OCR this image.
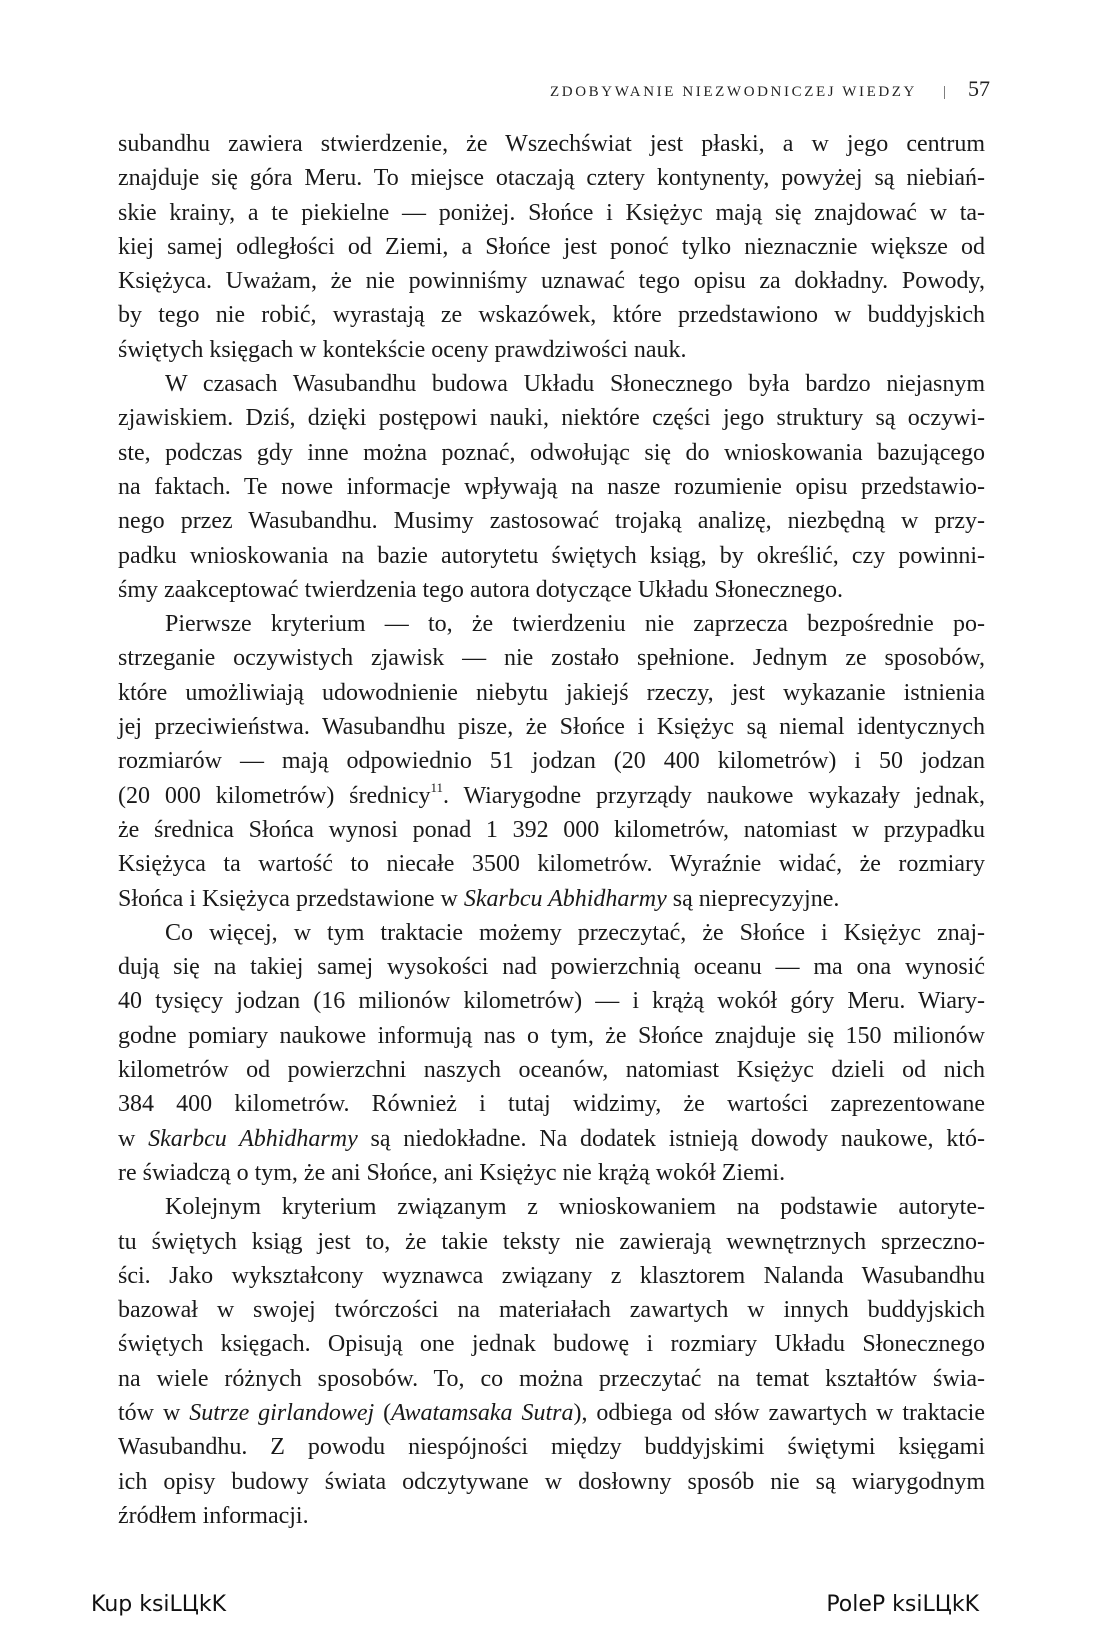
ZDOBYWANIE NIEZWODNICZEJ WIEDZY | 57
subandhu zawiera stwierdzenie, że Wszechświat jest płaski, a w jego centrum
znajduje się góra Meru. To miejsce otaczają cztery kontynenty, powyżej są niebiań-
skie krainy, a te piekielne — poniżej. Słońce i Księżyc mają się znajdować w ta-
kiej samej odległości od Ziemi, a Słońce jest ponoć tylko nieznacznie większe od
Księżyca. Uważam, że nie powinniśmy uznawać tego opisu za dokładny. Powody,
by tego nie robić, wyrastają ze wskazówek, które przedstawiono w buddyjskich
świętych księgach w kontekście oceny prawdziwości nauk.
W czasach Wasubandhu budowa Układu Słonecznego była bardzo niejasnym
zjawiskiem. Dziś, dzięki postępowi nauki, niektóre części jego struktury są oczywi-
ste, podczas gdy inne można poznać, odwołując się do wnioskowania bazującego
na faktach. Te nowe informacje wpływają na nasze rozumienie opisu przedstawio-
nego przez Wasubandhu. Musimy zastosować trojaką analizę, niezbędną w przy-
padku wnioskowania na bazie autorytetu świętych ksiąg, by określić, czy powinni-
śmy zaakceptować twierdzenia tego autora dotyczące Układu Słonecznego.
Pierwsze kryterium — to, że twierdzeniu nie zaprzecza bezpośrednie po-
strzeganie oczywistych zjawisk — nie zostało spełnione. Jednym ze sposobów,
które umożliwiają udowodnienie niebytu jakiejś rzeczy, jest wykazanie istnienia
jej przeciwieństwa. Wasubandhu pisze, że Słońce i Księżyc są niemal identycznych
rozmiarów — mają odpowiednio 51 jodzan (20 400 kilometrów) i 50 jodzan
(20 000 kilometrów) średnicy$^{11}$. Wiarygodne przyrządy naukowe wykazały jednak,
że średnica Słońca wynosi ponad 1 392 000 kilometrów, natomiast w przypadku
Księżyca ta wartość to niecałe 3500 kilometrów. Wyraźnie widać, że rozmiary
Słońca i Księżyca przedstawione w Skarbcu Abhidharmy są nieprecyzyjne.
Co więcej, w tym traktacie możemy przeczytać, że Słońce i Księżyc znaj-
dują się na takiej samej wysokości nad powierzchnią oceanu — ma ona wynosić
40 tysięcy jodzan (16 milionów kilometrów) — i krążą wokół góry Meru. Wiary-
godne pomiary naukowe informują nas o tym, że Słońce znajduje się 150 milionów
kilometrów od powierzchni naszych oceanów, natomiast Księżyc dzieli od nich
384 400 kilometrów. Również i tutaj widzimy, że wartości zaprezentowane
w Skarbcu Abhidharmy są niedokładne. Na dodatek istnieją dowody naukowe, któ-
re świadczą o tym, że ani Słońce, ani Księżyc nie krążą wokół Ziemi.
Kolejnym kryterium związanym z wnioskowaniem na podstawie autoryte-
tu świętych ksiąg jest to, że takie teksty nie zawierają wewnętrznych sprzeczno-
ści. Jako wykształcony wyznawca związany z klasztorem Nalanda Wasubandhu
bazował w swojej twórczości na materiałach zawartych w innych buddyjskich
świętych księgach. Opisują one jednak budowę i rozmiary Układu Słonecznego
na wiele różnych sposobów. To, co można przeczytać na temat kształtów świa-
tów w Sutrze girlandowej (Awatamsaka Sutra), odbiega od słów zawartych w traktacie
Wasubandhu. Z powodu niespójności między buddyjskimi świętymi księgami
ich opisy budowy świata odczytywane w dosłowny sposób nie są wiarygodnym
źródłem informacji.
Kup ksiLЦkK	PoleP ksiLЦkK
